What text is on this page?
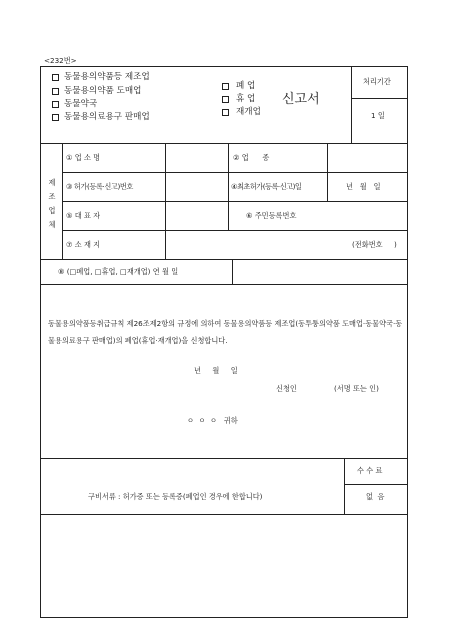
<232번>
동물용의약품등 제조업
동물용의약품 도매업
동물약국
동물용의료용구 판매업
폐 업
휴 업
재개업
신고서
처리기간
1 일
제
조
업
체
① 업 소 명	② 업      종
③ 허가(등록·신고)번호	④최초허가(등록·신고)일	년   월   일
⑤ 대 표 자	⑥ 주민등록번호
⑦ 소 재 지	(전화번호     )
⑧ (□폐업, □휴업, □재개업) 연 월 일
동물용의약품등취급규칙 제26조제2항의 규정에 의하여 동물용의약품등 제조업(동투퉁의약품 도매업·동물약국·동물용의료용구 판매업)의 폐업(휴업·재개업)을 신청합니다.
년     월     일
신청인	(서명 또는 인)
ㅇ  ㅇ  ㅇ   귀하
구비서류 : 허가증 또는 등록증(폐업인 경우에 한합니다)
수 수 료
없  음
